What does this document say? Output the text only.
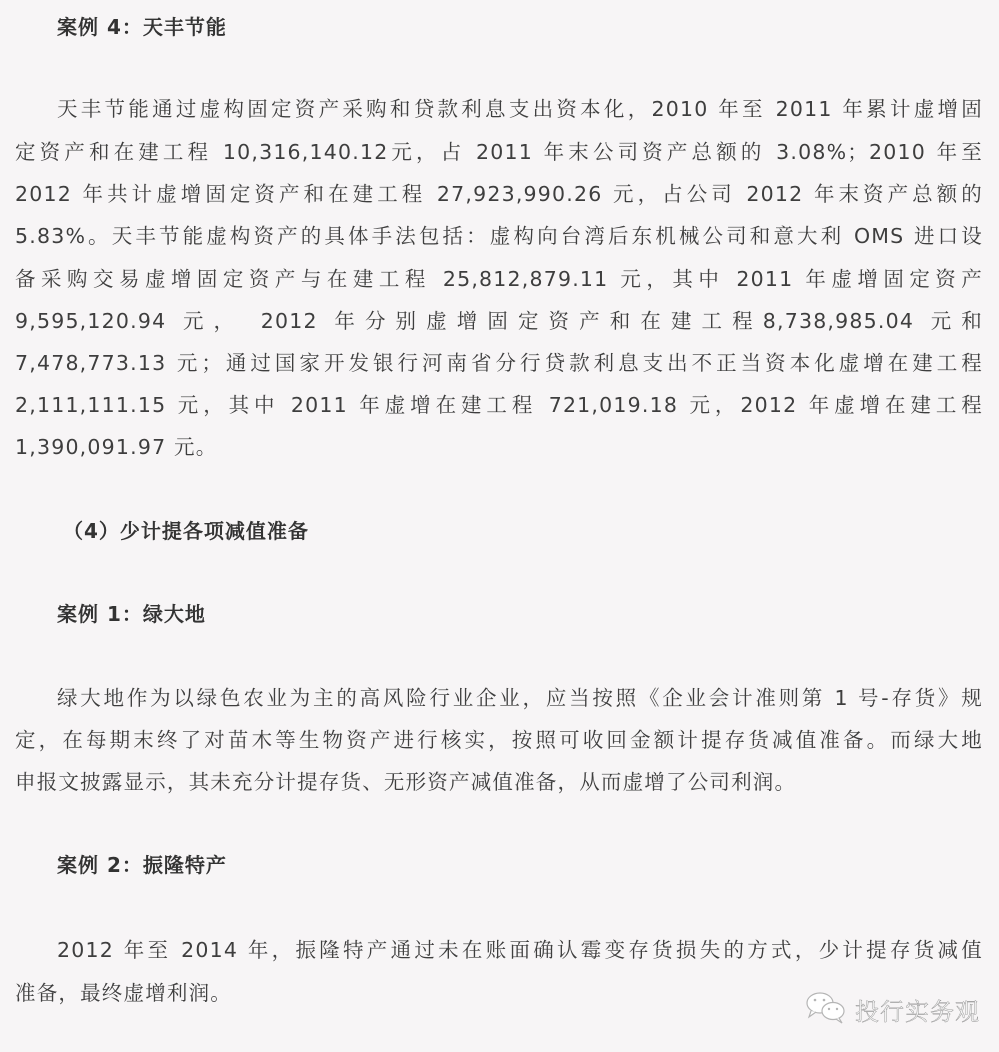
案例 4：天丰节能
天丰节能通过虚构固定资产采购和贷款利息支出资本化，2010 年至 2011 年累计虚增固
定资产和在建工程 10,316,140.12元，占 2011 年末公司资产总额的 3.08%；2010 年至
2012 年共计虚增固定资产和在建工程 27,923,990.26 元，占公司 2012 年末资产总额的
5.83%。天丰节能虚构资产的具体手法包括：虚构向台湾后东机械公司和意大利 OMS 进口设
备采购交易虚增固定资产与在建工程 25,812,879.11 元，其中 2011 年虚增固定资产
9,595,120.94 元， 2012 年分别虚增固定资产和在建工程8,738,985.04 元和
7,478,773.13 元；通过国家开发银行河南省分行贷款利息支出不正当资本化虚增在建工程
2,111,111.15 元，其中 2011 年虚增在建工程 721,019.18 元，2012 年虚增在建工程
1,390,091.97 元。
（4）少计提各项减值准备
案例 1：绿大地
绿大地作为以绿色农业为主的高风险行业企业，应当按照《企业会计准则第 1 号-存货》规
定，在每期末终了对苗木等生物资产进行核实，按照可收回金额计提存货减值准备。而绿大地
申报文披露显示，其未充分计提存货、无形资产减值准备，从而虚增了公司利润。
案例 2：振隆特产
2012 年至 2014 年，振隆特产通过未在账面确认霉变存货损失的方式，少计提存货减值
准备，最终虚增利润。
投行实务观
